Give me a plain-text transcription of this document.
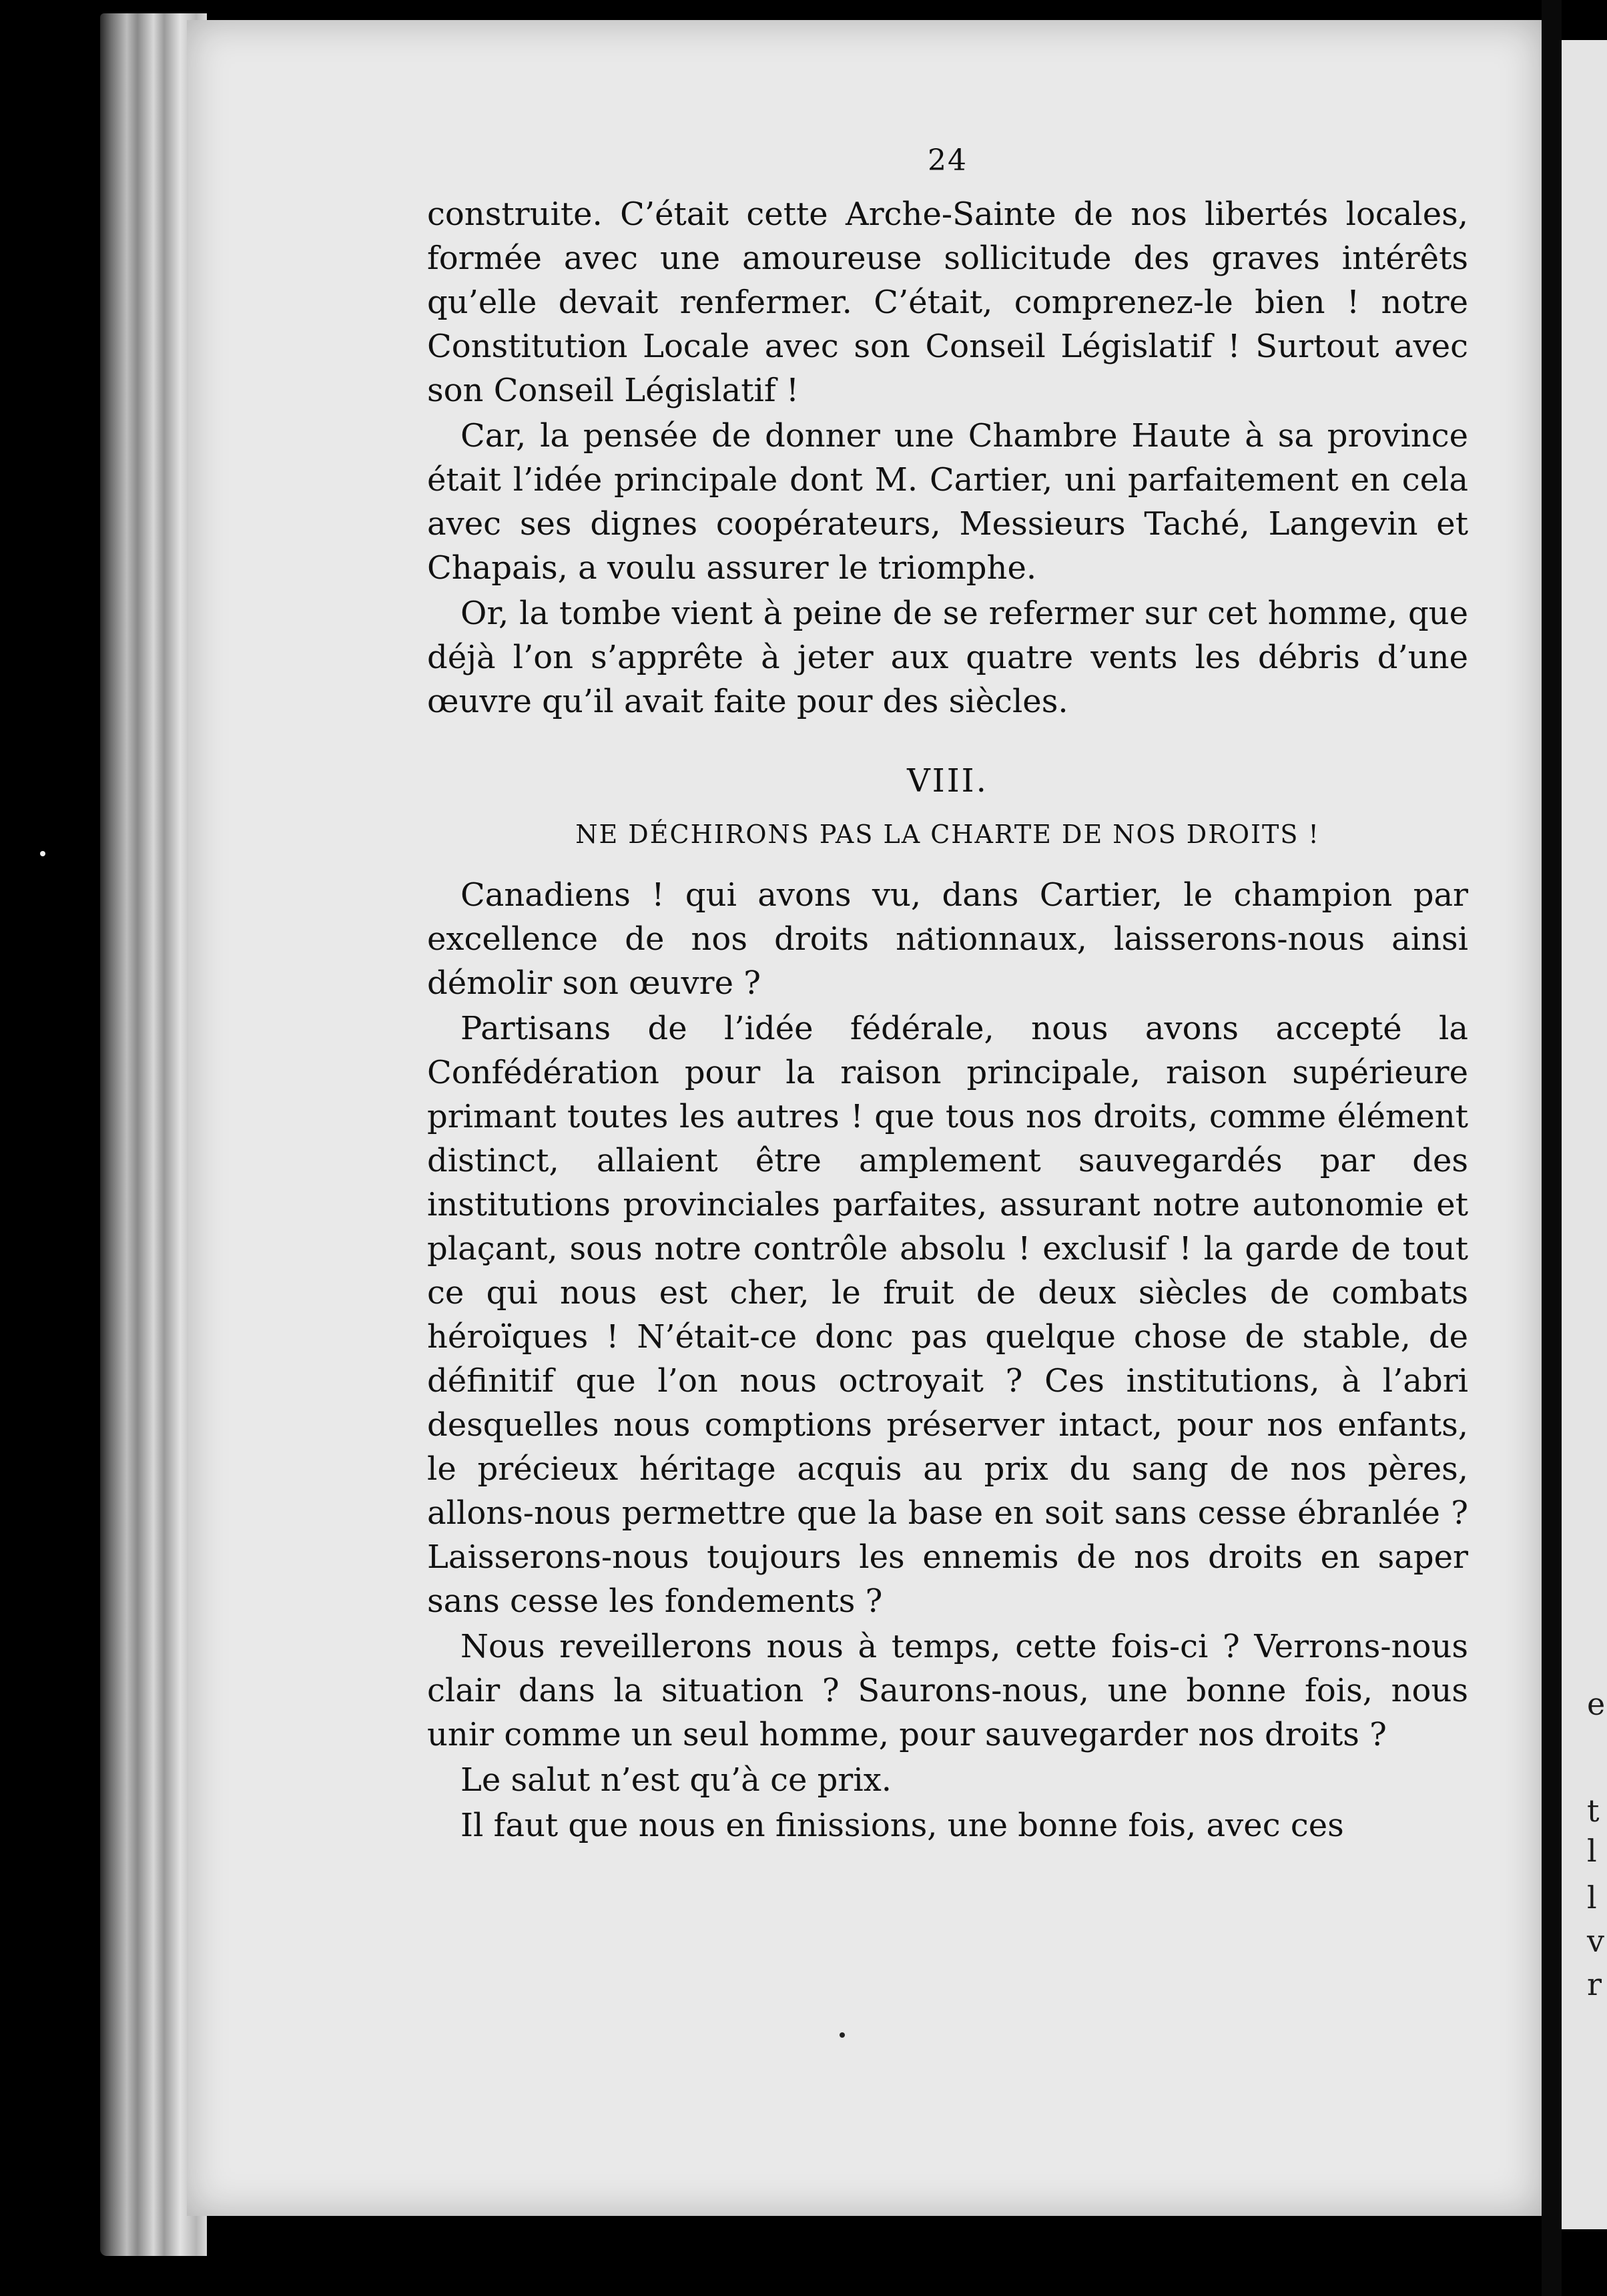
e
t
l
l
v
r
24

construite. C’était cette Arche-Sainte de nos libertés locales, formée avec une amoureuse sollicitude des graves intérêts qu’elle devait renfermer. C’était, comprenez-le bien ! notre Constitution Locale avec son Conseil Législatif ! Surtout avec son Conseil Législatif !

Car, la pensée de donner une Chambre Haute à sa province était l’idée principale dont M. Cartier, uni parfaitement en cela avec ses dignes coopérateurs, Messieurs Taché, Langevin et Chapais, a voulu assurer le triomphe.

Or, la tombe vient à peine de se refermer sur cet homme, que déjà l’on s’apprête à jeter aux quatre vents les débris d’une œuvre qu’il avait faite pour des siècles.

VIII.
NE DÉCHIRONS PAS LA CHARTE DE NOS DROITS !

Canadiens ! qui avons vu, dans Cartier, le champion par excellence de nos droits nationnaux, laisserons-nous ainsi démolir son œuvre ?

Partisans de l’idée fédérale, nous avons accepté la Confédération pour la raison principale, raison supérieure primant toutes les autres ! que tous nos droits, comme élément distinct, allaient être amplement sauvegardés par des institutions provinciales parfaites, assurant notre autonomie et plaçant, sous notre contrôle absolu ! exclusif ! la garde de tout ce qui nous est cher, le fruit de deux siècles de combats héroïques ! N’était-ce donc pas quelque chose de stable, de définitif que l’on nous octroyait ? Ces institutions, à l’abri desquelles nous comptions préserver intact, pour nos enfants, le précieux héritage acquis au prix du sang de nos pères, allons-nous permettre que la base en soit sans cesse ébranlée ? Laisserons-nous toujours les ennemis de nos droits en saper sans cesse les fondements ?

Nous reveillerons nous à temps, cette fois-ci ? Verrons-nous clair dans la situation ? Saurons-nous, une bonne fois, nous unir comme un seul homme, pour sauvegarder nos droits ?

Le salut n’est qu’à ce prix.

Il faut que nous en finissions, une bonne fois, avec ces
